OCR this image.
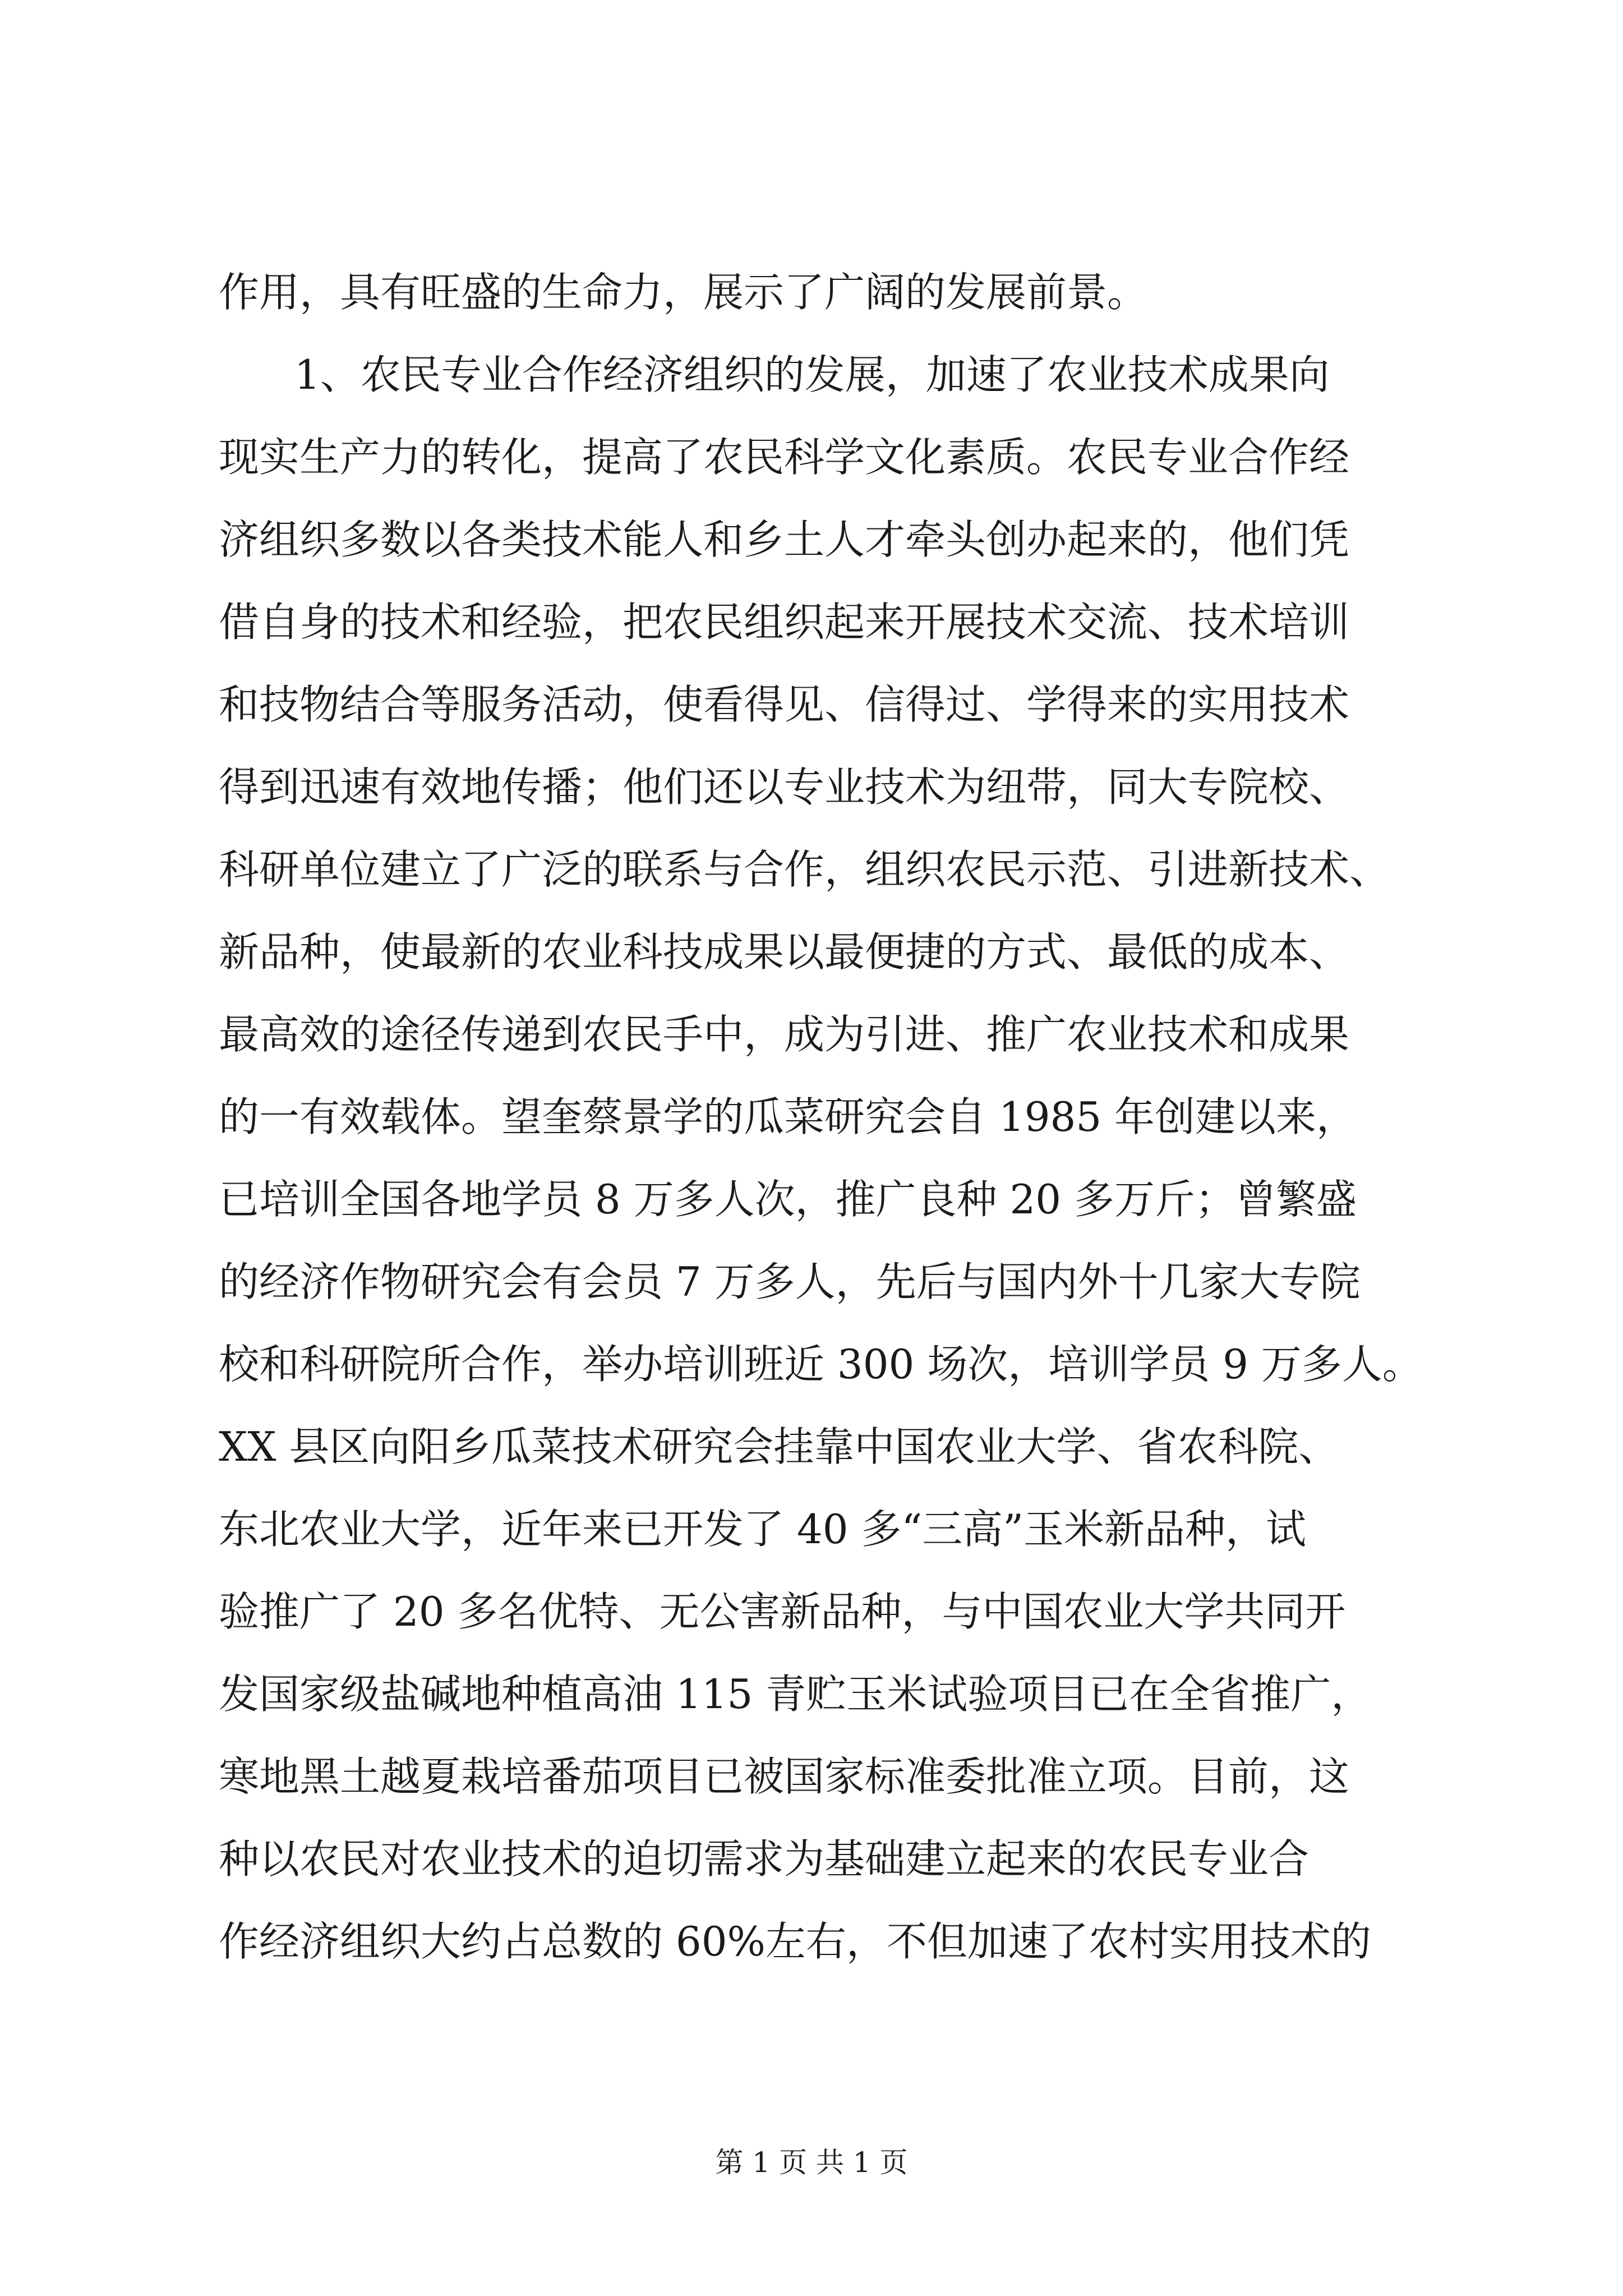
作用，具有旺盛的生命力，展示了广阔的发展前景。
1、农民专业合作经济组织的发展，加速了农业技术成果向
现实生产力的转化，提高了农民科学文化素质。农民专业合作经
济组织多数以各类技术能人和乡土人才牵头创办起来的，他们凭
借自身的技术和经验，把农民组织起来开展技术交流、技术培训
和技物结合等服务活动，使看得见、信得过、学得来的实用技术
得到迅速有效地传播；他们还以专业技术为纽带，同大专院校、
科研单位建立了广泛的联系与合作，组织农民示范、引进新技术、
新品种，使最新的农业科技成果以最便捷的方式、最低的成本、
最高效的途径传递到农民手中，成为引进、推广农业技术和成果
的一有效载体。望奎蔡景学的瓜菜研究会自 1985 年创建以来，
已培训全国各地学员 8 万多人次，推广良种 20 多万斤；曾繁盛
的经济作物研究会有会员 7 万多人，先后与国内外十几家大专院
校和科研院所合作，举办培训班近 300 场次，培训学员 9 万多人。
XX 县区向阳乡瓜菜技术研究会挂靠中国农业大学、省农科院、
东北农业大学，近年来已开发了 40 多“三高”玉米新品种，试
验推广了 20 多名优特、无公害新品种，与中国农业大学共同开
发国家级盐碱地种植高油 115 青贮玉米试验项目已在全省推广，
寒地黑土越夏栽培番茄项目已被国家标准委批准立项。目前，这
种以农民对农业技术的迫切需求为基础建立起来的农民专业合
作经济组织大约占总数的 60%左右，不但加速了农村实用技术的
第 1 页 共 1 页
